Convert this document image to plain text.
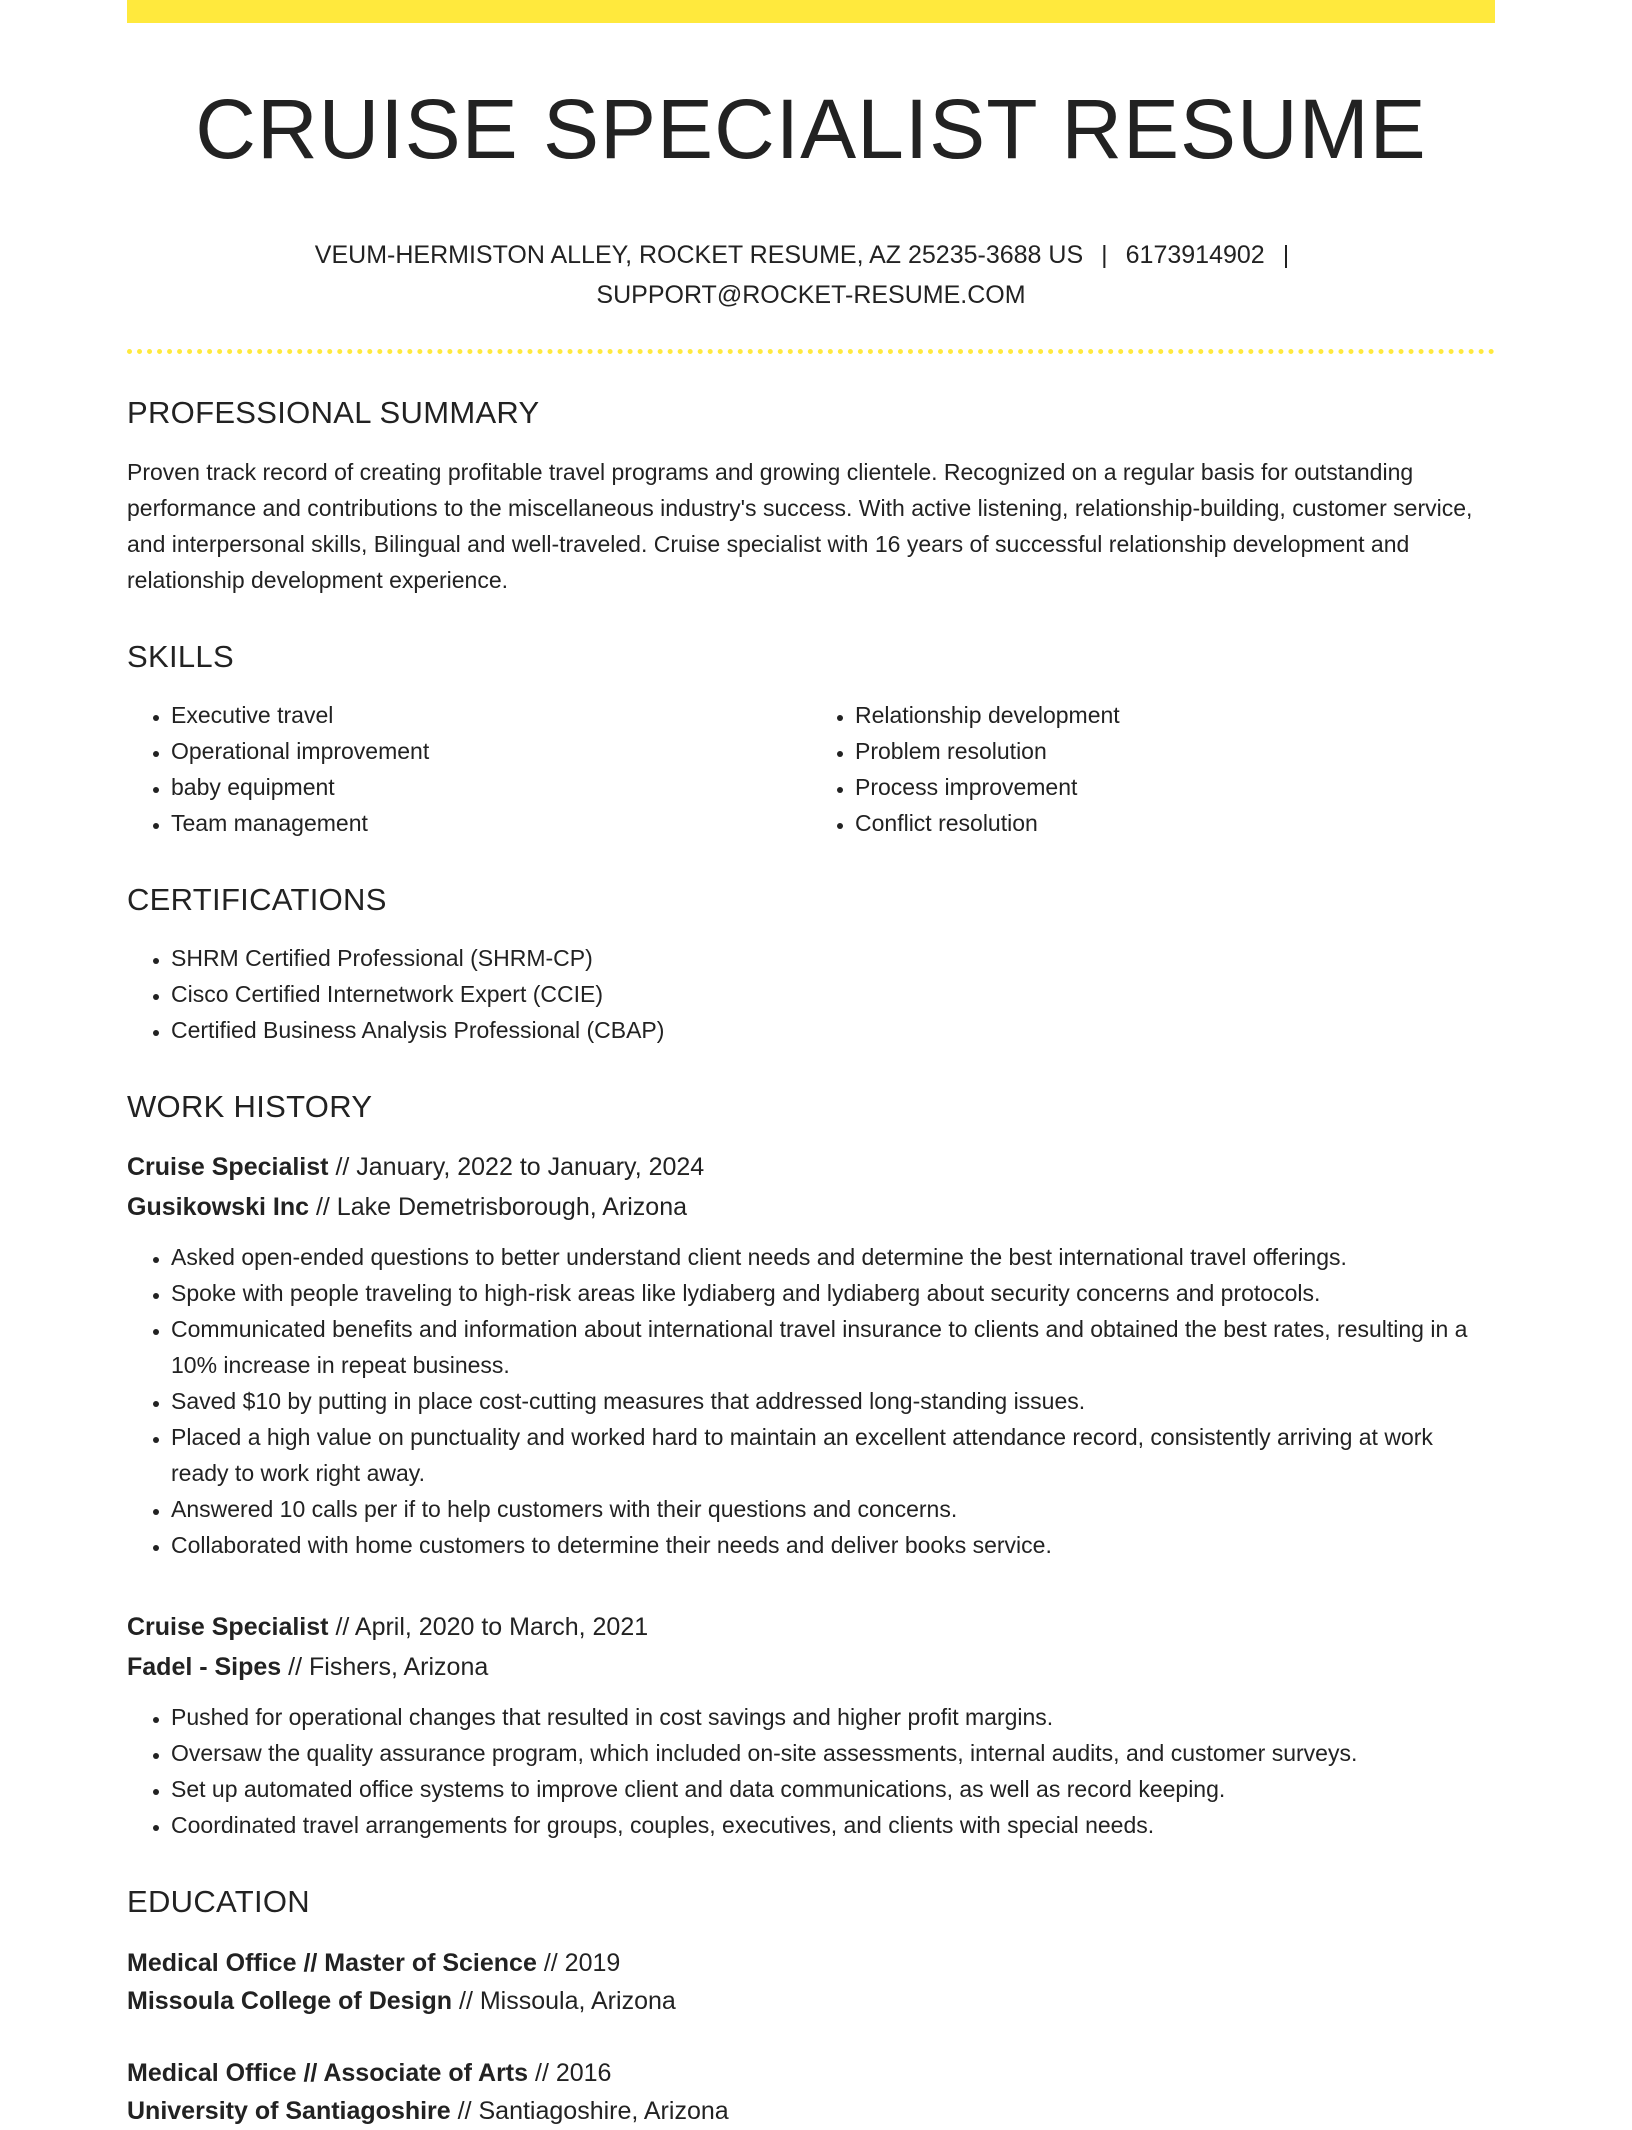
CRUISE SPECIALIST RESUME
VEUM-HERMISTON ALLEY, ROCKET RESUME, AZ 25235-3688 US | 6173914902 |
SUPPORT@ROCKET-RESUME.COM
PROFESSIONAL SUMMARY

Proven track record of creating profitable travel programs and growing clientele. Recognized on a regular basis for outstanding performance and contributions to the miscellaneous industry's success. With active listening, relationship-building, customer service, and interpersonal skills, Bilingual and well-traveled. Cruise specialist with 16 years of successful relationship development and relationship development experience.

SKILLS
• Executive travel
• Operational improvement
• baby equipment
• Team management
• Relationship development
• Problem resolution
• Process improvement
• Conflict resolution
CERTIFICATIONS
• SHRM Certified Professional (SHRM-CP)
• Cisco Certified Internetwork Expert (CCIE)
• Certified Business Analysis Professional (CBAP)
WORK HISTORY
Cruise Specialist // January, 2022 to January, 2024
Gusikowski Inc // Lake Demetrisborough, Arizona
• Asked open-ended questions to better understand client needs and determine the best international travel offerings.
• Spoke with people traveling to high-risk areas like lydiaberg and lydiaberg about security concerns and protocols.
• Communicated benefits and information about international travel insurance to clients and obtained the best rates, resulting in a 10% increase in repeat business.
• Saved $10 by putting in place cost-cutting measures that addressed long-standing issues.
• Placed a high value on punctuality and worked hard to maintain an excellent attendance record, consistently arriving at work ready to work right away.
• Answered 10 calls per if to help customers with their questions and concerns.
• Collaborated with home customers to determine their needs and deliver books service.
Cruise Specialist // April, 2020 to March, 2021
Fadel - Sipes // Fishers, Arizona
• Pushed for operational changes that resulted in cost savings and higher profit margins.
• Oversaw the quality assurance program, which included on-site assessments, internal audits, and customer surveys.
• Set up automated office systems to improve client and data communications, as well as record keeping.
• Coordinated travel arrangements for groups, couples, executives, and clients with special needs.
EDUCATION
Medical Office // Master of Science // 2019
Missoula College of Design // Missoula, Arizona
Medical Office // Associate of Arts // 2016
University of Santiagoshire // Santiagoshire, Arizona
